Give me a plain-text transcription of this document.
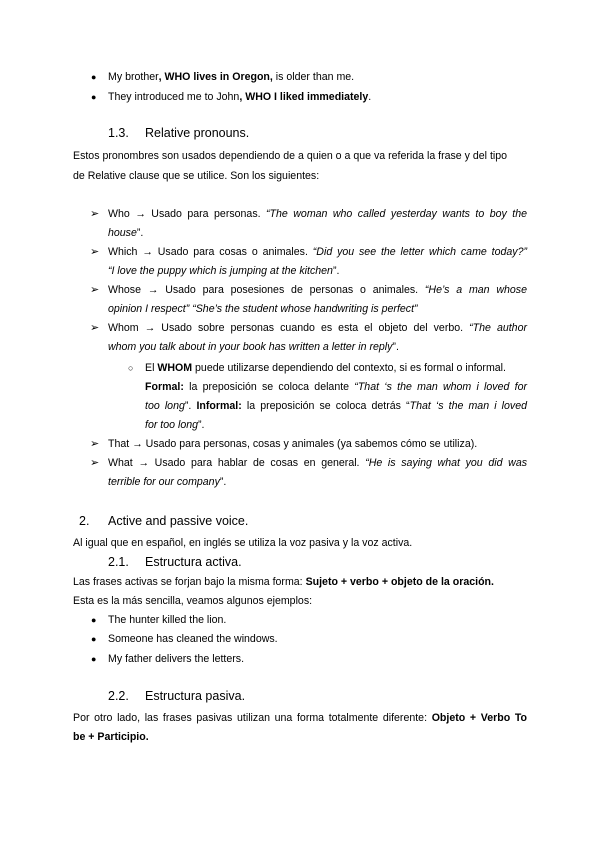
● My brother, WHO lives in Oregon, is older than me.
● They introduced me to John, WHO I liked immediately.
1.3. Relative pronouns.
Estos pronombres son usados dependiendo de a quien o a que va referida la frase y del tipo
de Relative clause que se utilice. Son los siguientes:
➢ Who → Usado para personas. “The woman who called yesterday wants to boy the
house”.
➢ Which → Usado para cosas o animales. “Did you see the letter which came today?”
“I love the puppy which is jumping at the kitchen”.
➢ Whose → Usado para posesiones de personas o animales. “He’s a man whose
opinion I respect” “She’s the student whose handwriting is perfect”
➢ Whom → Usado sobre personas cuando es esta el objeto del verbo. “The author
whom you talk about in your book has written a letter in reply”.
○ El WHOM puede utilizarse dependiendo del contexto, si es formal o informal.
Formal: la preposición se coloca delante “That ‘s the man whom i loved for
too long”. Informal: la preposición se coloca detrás “That ‘s the man i loved
for too long”.
➢ That → Usado para personas, cosas y animales (ya sabemos cómo se utiliza).
➢ What → Usado para hablar de cosas en general. “He is saying what you did was
terrible for our company”.
2. Active and passive voice.
Al igual que en español, en inglés se utiliza la voz pasiva y la voz activa.
2.1. Estructura activa.
Las frases activas se forjan bajo la misma forma: Sujeto + verbo + objeto de la oración.
Esta es la más sencilla, veamos algunos ejemplos:
● The hunter killed the lion.
● Someone has cleaned the windows.
● My father delivers the letters.
2.2. Estructura pasiva.
Por otro lado, las frases pasivas utilizan una forma totalmente diferente: Objeto + Verbo To
be + Participio.
